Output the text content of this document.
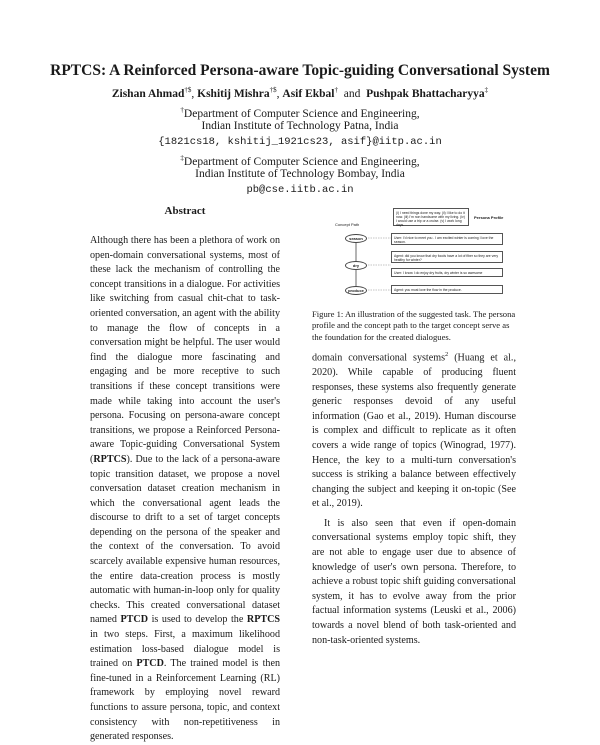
RPTCS: A Reinforced Persona-aware Topic-guiding Conversational System
Zishan Ahmad†$, Kshitij Mishra†$, Asif Ekbal† and Pushpak Bhattacharyya‡
†Department of Computer Science and Engineering,
Indian Institute of Technology Patna, India
{1821cs18, kshitij_1921cs23, asif}@iitp.ac.in
‡Department of Computer Science and Engineering,
Indian Institute of Technology Bombay, India
pb@cse.iitb.ac.in
Abstract
Although there has been a plethora of work on open-domain conversational systems, most of these lack the mechanism of controlling the concept transitions in a dialogue. For activities like switching from casual chit-chat to task-oriented conversation, an agent with the ability to manage the flow of concepts in a conversation might be helpful. The user would find the dialogue more fascinating and engaging and be more receptive to such transitions if these concept transitions were made while taking into account the user's persona. Focusing on persona-aware concept transitions, we propose a Reinforced Persona-aware Topic-guiding Conversational System (RPTCS). Due to the lack of a persona-aware topic transition dataset, we propose a novel conversation dataset creation mechanism in which the conversational agent leads the discourse to drift to a set of target concepts depending on the persona of the speaker and the context of the conversation. To avoid scarcely available expensive human resources, the entire data-creation process is mostly automatic with human-in-loop only for quality checks. This created conversational dataset named PTCD is used to develop the RPTCS in two steps. First, a maximum likelihood estimation loss-based dialogue model is trained on PTCD. The trained model is then fine-tuned in a Reinforcement Learning (RL) framework by employing novel reward functions to assure persona, topic, and context consistency with non-repetitiveness in generated responses.
(i) I need things done my way. (ii) I like to do it now. (iii) I'm non handsome with my living. (iv) I would use a trip or a cruise. (v) I work long days.
Persona Profile
Concept Path
season
dry
produce
User: I'd nice to meet you . I am excited winter is coming I love the season.
Agent: did you know that dry foods have a lot of fiber so they are very healthy for winter?
User: I know I do enjoy dry fruits, dry winter is so awesome
Agent: you must love the flow in the produce.
Figure 1: An illustration of the suggested task. The persona profile and the concept path to the target concept serve as the foundation for the created dialogues.

domain conversational systems$^2$ (Huang et al., 2020). While capable of producing fluent responses, these systems also frequently generate generic responses devoid of any useful information (Gao et al., 2019). Human discourse is complex and difficult to replicate as it often covers a wide range of topics (Winograd, 1977). Hence, the key to a multi-turn conversation's success is striking a balance between effectively changing the subject and keeping it on-topic (See et al., 2019).

It is also seen that even if open-domain conversational systems employ topic shift, they are not able to engage user due to absence of knowledge of user's own persona. Therefore, to achieve a robust topic shift guiding conversational system, it has to evolve away from the prior factual information systems (Leuski et al., 2006) towards a novel blend of both task-oriented and non-task-oriented systems.
